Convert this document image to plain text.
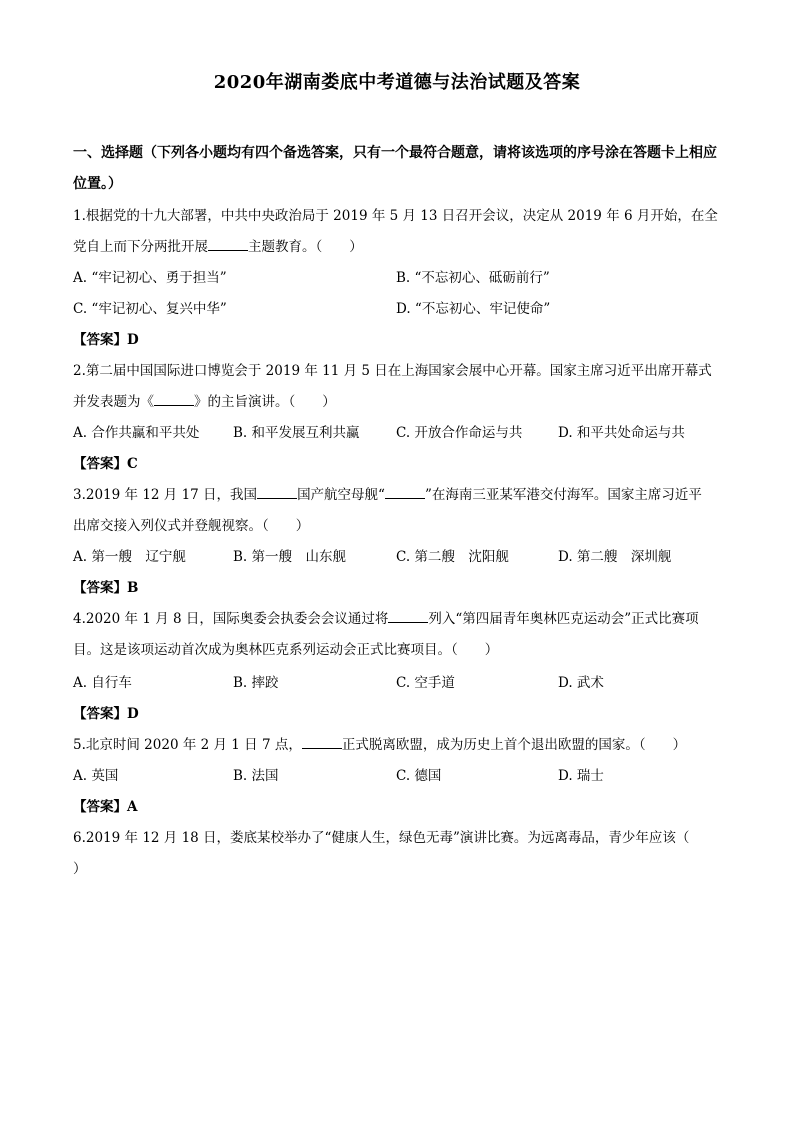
2020年湖南娄底中考道德与法治试题及答案
一、选择题（下列各小题均有四个备选答案，只有一个最符合题意，请将该选项的序号涂在答题卡上相应
位置。）
1.根据党的十九大部署，中共中央政治局于 2019 年 5 月 13 日召开会议，决定从 2019 年 6 月开始，在全
党自上而下分两批开展	主题教育。（　　）
A. “牢记初心、勇于担当”	B. “不忘初心、砥砺前行”
C. “牢记初心、复兴中华”	D. “不忘初心、牢记使命”
【答案】D
2.第二届中国国际进口博览会于 2019 年 11 月 5 日在上海国家会展中心开幕。国家主席习近平出席开幕式
并发表题为《	》的主旨演讲。（　　）
A. 合作共赢和平共处 B. 和平发展互利共赢	C. 开放合作命运与共	D. 和平共处命运与共
【答案】C
3.2019 年 12 月 17 日，我国	国产航空母舰“	”在海南三亚某军港交付海军。国家主席习近平
出席交接入列仪式并登舰视察。（　　）
A. 第一艘　辽宁舰	B. 第一艘　山东舰	C. 第二艘　沈阳舰	D. 第二艘　深圳舰
【答案】B
4.2020 年 1 月 8 日，国际奥委会执委会会议通过将	列入“第四届青年奥林匹克运动会”正式比赛项
目。这是该项运动首次成为奥林匹克系列运动会正式比赛项目。（　　）
A. 自行车	B. 摔跤	C. 空手道	D. 武术
【答案】D
5.北京时间 2020 年 2 月 1 日 7 点，	正式脱离欧盟，成为历史上首个退出欧盟的国家。（　　）
A. 英国	B. 法国	C. 德国	D. 瑞士
【答案】A
6.2019 年 12 月 18 日，娄底某校举办了“健康人生，绿色无毒”演讲比赛。为远离毒品，青少年应该（
）
